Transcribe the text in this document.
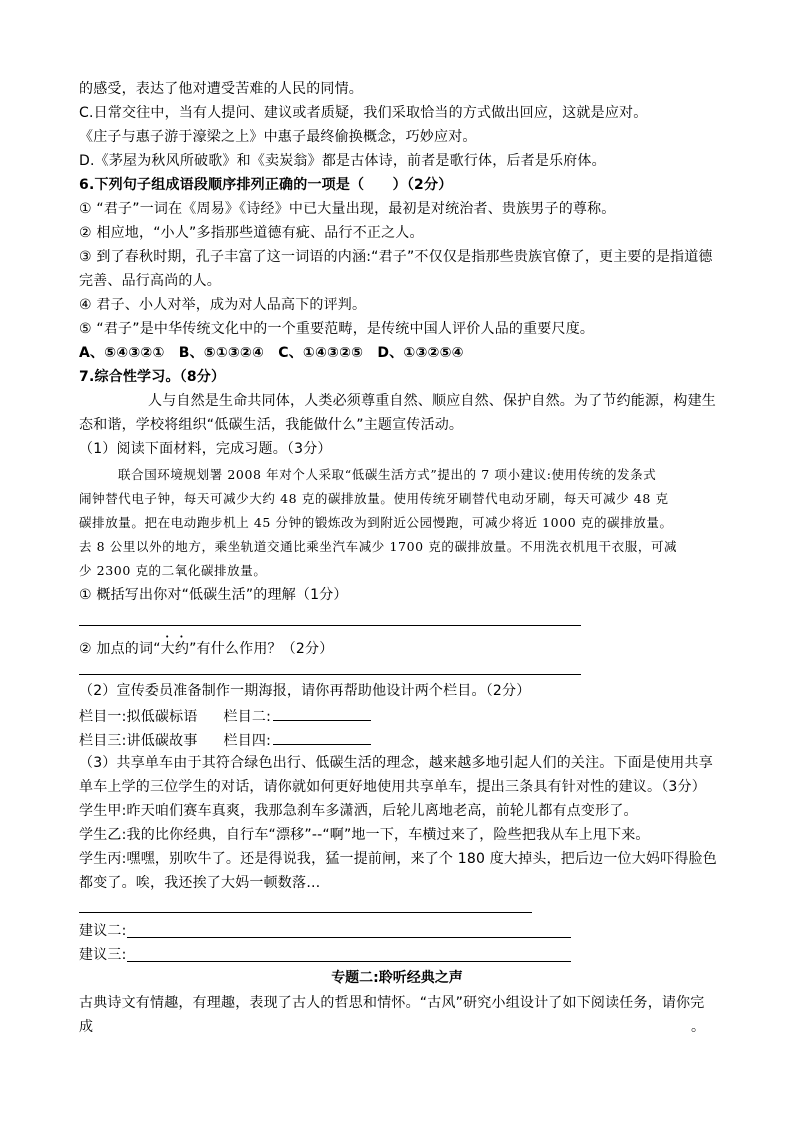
的感受，表达了他对遭受苦难的人民的同情。
C.日常交往中，当有人提问、建议或者质疑，我们采取恰当的方式做出回应，这就是应对。
《庄子与惠子游于濠梁之上》中惠子最终偷换概念，巧妙应对。
D.《茅屋为秋风所破歌》和《卖炭翁》都是古体诗，前者是歌行体，后者是乐府体。
6.下列句子组成语段顺序排列正确的一项是（　　）（2分）
① “君子”一词在《周易》《诗经》中已大量出现，最初是对统治者、贵族男子的尊称。
② 相应地，“小人”多指那些道德有疵、品行不正之人。
③ 到了春秋时期，孔子丰富了这一词语的内涵:“君子”不仅仅是指那些贵族官僚了，更主要的是指道德
完善、品行高尚的人。
④ 君子、小人对举，成为对人品高下的评判。
⑤ “君子”是中华传统文化中的一个重要范畴，是传统中国人评价人品的重要尺度。
A、⑤④③②①　B、⑤①③②④　C、①④③②⑤　D、①③②⑤④
7.综合性学习。（8分）
人与自然是生命共同体，人类必须尊重自然、顺应自然、保护自然。为了节约能源，构建生
态和谐，学校将组织“低碳生活，我能做什么”主题宣传活动。
（1）阅读下面材料，完成习题。（3分）
联合国环境规划署 2008 年对个人采取“低碳生活方式”提出的 7 项小建议:使用传统的发条式
闹钟替代电子钟，每天可减少大约 48 克的碳排放量。使用传统牙刷替代电动牙刷，每天可减少 48 克
碳排放量。把在电动跑步机上 45 分钟的锻炼改为到附近公园慢跑，可减少将近 1000 克的碳排放量。
去 8 公里以外的地方，乘坐轨道交通比乘坐汽车减少 1700 克的碳排放量。不用洗衣机甩干衣服，可减
少 2300 克的二氧化碳排放量。
① 概括写出你对“低碳生活”的理解（1分）
② 加点的词“大约”有什么作用？（2分）
（2）宣传委员准备制作一期海报，请你再帮助他设计两个栏目。（2分）
栏目一:拟低碳标语 栏目二:
栏目三:讲低碳故事 栏目四:
（3）共享单车由于其符合绿色出行、低碳生活的理念，越来越多地引起人们的关注。下面是使用共享
单车上学的三位学生的对话，请你就如何更好地使用共享单车，提出三条具有针对性的建议。（3分）
学生甲:昨天咱们赛车真爽，我那急刹车多潇洒，后轮儿离地老高，前轮儿都有点变形了。
学生乙:我的比你经典，自行车“漂移”--“啊”地一下，车横过来了，险些把我从车上甩下来。
学生丙:嘿嘿，别吹牛了。还是得说我，猛一提前闸，来了个 180 度大掉头，把后边一位大妈吓得脸色
都变了。唉，我还挨了大妈一顿数落…
建议二:
建议三:
专题二:聆听经典之声
古典诗文有情趣，有理趣，表现了古人的哲思和情怀。“古风”研究小组设计了如下阅读任务，请你完
成	。
